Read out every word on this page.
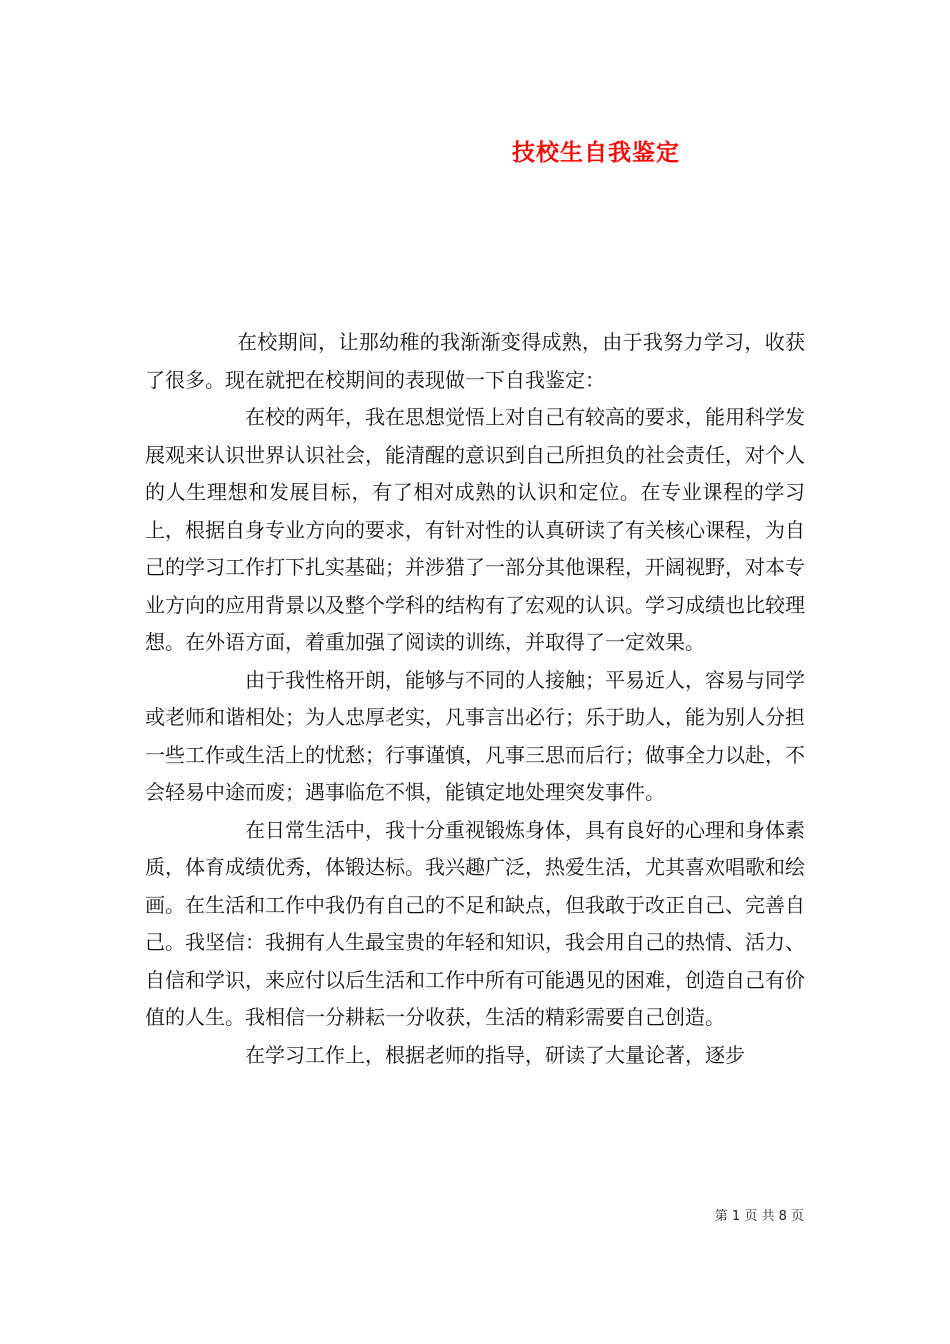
技校生自我鉴定

在校期间，让那幼稚的我渐渐变得成熟，由于我努力学习，收获了很多。现在就把在校期间的表现做一下自我鉴定：

在校的两年，我在思想觉悟上对自己有较高的要求，能用科学发展观来认识世界认识社会，能清醒的意识到自己所担负的社会责任，对个人的人生理想和发展目标，有了相对成熟的认识和定位。在专业课程的学习上，根据自身专业方向的要求，有针对性的认真研读了有关核心课程，为自己的学习工作打下扎实基础；并涉猎了一部分其他课程，开阔视野，对本专业方向的应用背景以及整个学科的结构有了宏观的认识。学习成绩也比较理想。在外语方面，着重加强了阅读的训练，并取得了一定效果。

由于我性格开朗，能够与不同的人接触；平易近人，容易与同学或老师和谐相处；为人忠厚老实，凡事言出必行；乐于助人，能为别人分担一些工作或生活上的忧愁；行事谨慎，凡事三思而后行；做事全力以赴，不会轻易中途而废；遇事临危不惧，能镇定地处理突发事件。

在日常生活中，我十分重视锻炼身体，具有良好的心理和身体素质，体育成绩优秀，体锻达标。我兴趣广泛，热爱生活，尤其喜欢唱歌和绘画。在生活和工作中我仍有自己的不足和缺点，但我敢于改正自己、完善自己。我坚信：我拥有人生最宝贵的年轻和知识，我会用自己的热情、活力、自信和学识，来应付以后生活和工作中所有可能遇见的困难，创造自己有价值的人生。我相信一分耕耘一分收获，生活的精彩需要自己创造。

在学习工作上，根据老师的指导，研读了大量论著，逐步

第 1 页 共 8 页
